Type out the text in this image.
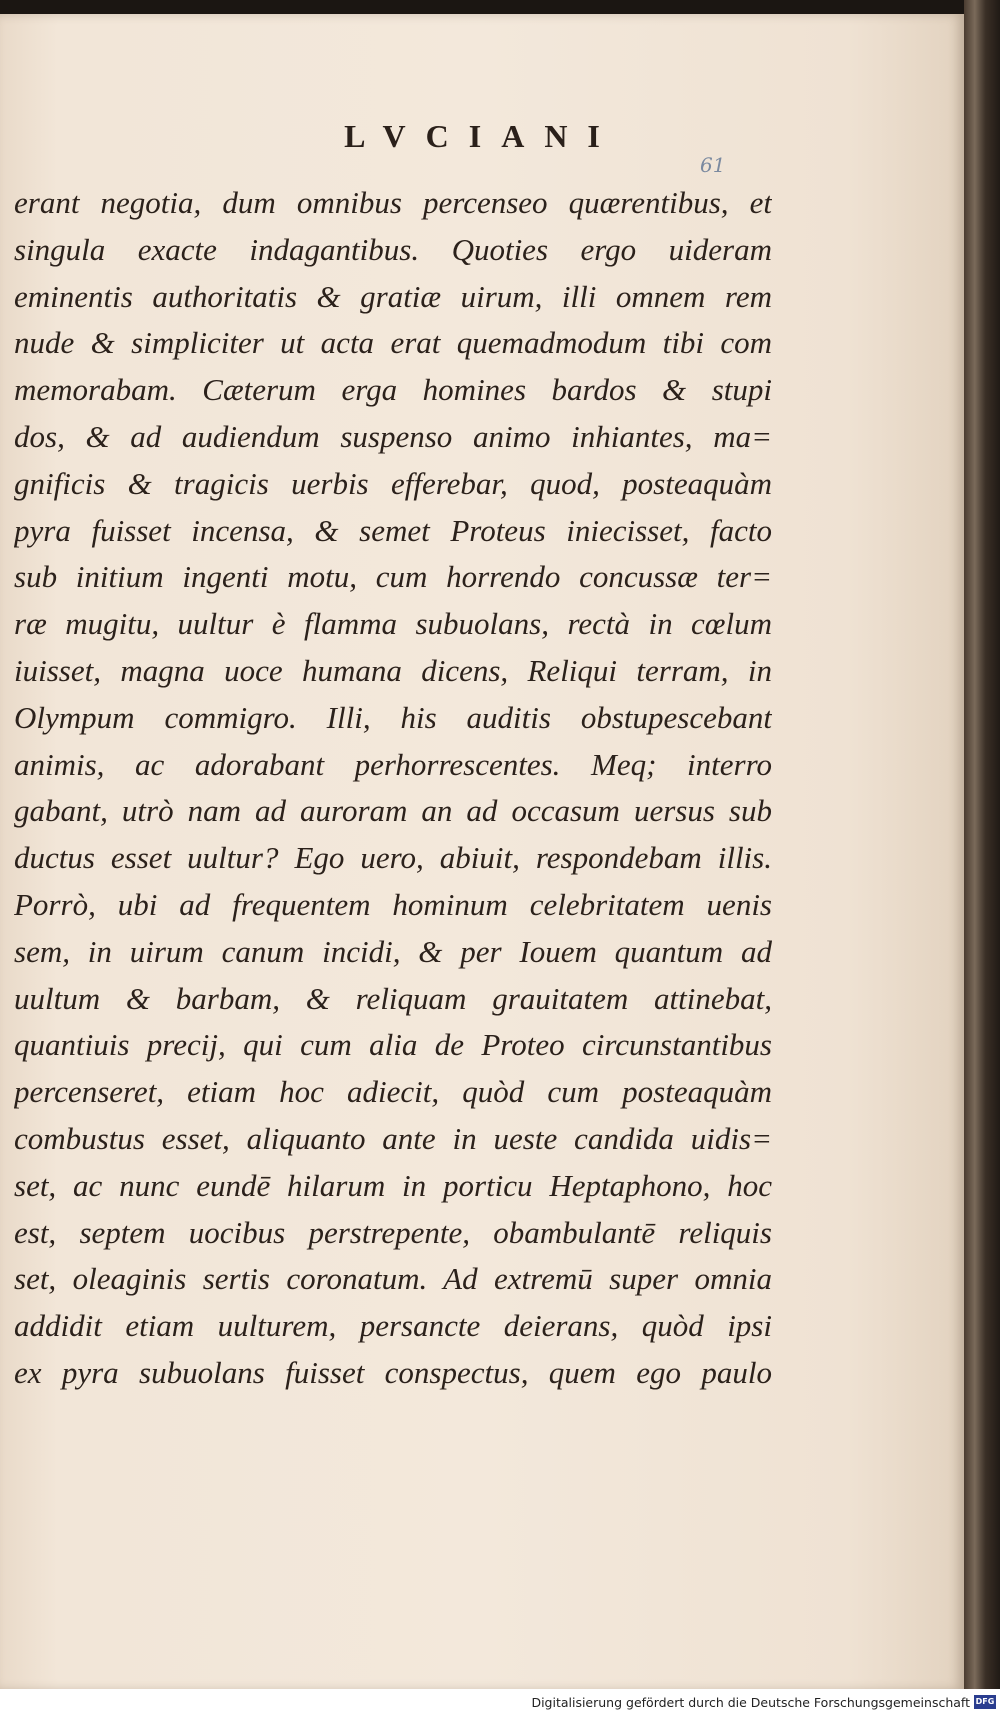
LVCIANI
61
erant negotia, dum omnibus percenseo quærentibus, et
singula exacte indagantibus. Quoties ergo uideram
eminentis authoritatis & gratiæ uirum, illi omnem rem
nude & simpliciter ut acta erat quemadmodum tibi com
memorabam. Cæterum erga homines bardos & stupi
dos, & ad audiendum suspenso animo inhiantes, ma=
gnificis & tragicis uerbis efferebar, quod, posteaquàm
pyra fuisset incensa, & semet Proteus iniecisset, facto
sub initium ingenti motu, cum horrendo concussæ ter=
ræ mugitu, uultur è flamma subuolans, rectà in cœlum
iuisset, magna uoce humana dicens, Reliqui terram, in
Olympum commigro. Illi, his auditis obstupescebant
animis, ac adorabant perhorrescentes. Meq; interro
gabant, utrò nam ad auroram an ad occasum uersus sub
ductus esset uultur? Ego uero, abiuit, respondebam illis.
Porrò, ubi ad frequentem hominum celebritatem uenis
sem, in uirum canum incidi, & per Iouem quantum ad
uultum & barbam, & reliquam grauitatem attinebat,
quantiuis precij, qui cum alia de Proteo circunstantibus
percenseret, etiam hoc adiecit, quòd cum posteaquàm
combustus esset, aliquanto ante in ueste candida uidis=
set, ac nunc eundē hilarum in porticu Heptaphono, hoc
est, septem uocibus perstrepente, obambulantē reliquis
set, oleaginis sertis coronatum. Ad extremū super omnia
addidit etiam uulturem, persancte deierans, quòd ipsi
ex pyra subuolans fuisset conspectus, quem ego paulo
Digitalisierung gefördert durch die Deutsche Forschungsgemeinschaft DFG
